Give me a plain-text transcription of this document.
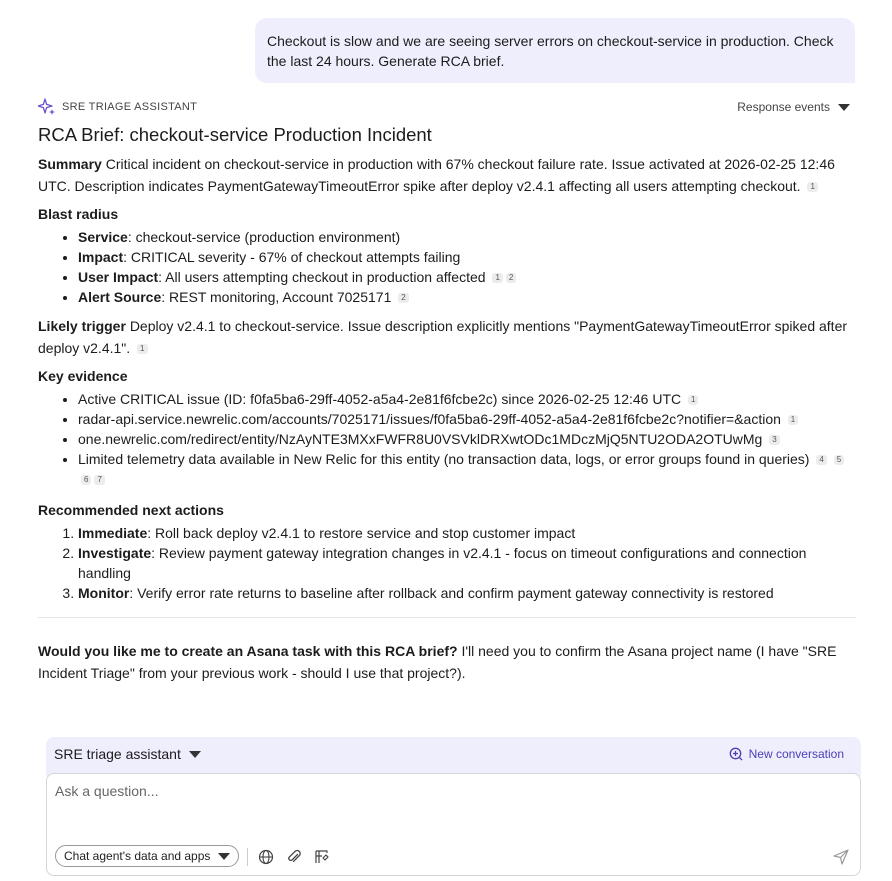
Checkout is slow and we are seeing server errors on checkout-service in production. Check the last 24 hours. Generate RCA brief.
SRE TRIAGE ASSISTANT	Response events
RCA Brief: checkout-service Production Incident

Summary Critical incident on checkout-service in production with 67% checkout failure rate. Issue activated at 2026-02-25 12:46 UTC. Description indicates PaymentGatewayTimeoutError spike after deploy v2.4.1 affecting all users attempting checkout. 1

Blast radius
• Service: checkout-service (production environment)
• Impact: CRITICAL severity - 67% of checkout attempts failing
• User Impact: All users attempting checkout in production affected 1 2
• Alert Source: REST monitoring, Account 7025171 2

Likely trigger Deploy v2.4.1 to checkout-service. Issue description explicitly mentions "PaymentGatewayTimeoutError spiked after deploy v2.4.1". 1

Key evidence
• Active CRITICAL issue (ID: f0fa5ba6-29ff-4052-a5a4-2e81f6fcbe2c) since 2026-02-25 12:46 UTC 1
• radar-api.service.newrelic.com/accounts/7025171/issues/f0fa5ba6-29ff-4052-a5a4-2e81f6fcbe2c?notifier=&action 1
• one.newrelic.com/redirect/entity/NzAyNTE3MXxFWFR8U0VSVklDRXwtODc1MDczMjQ5NTU2ODA2OTUwMg 3
• Limited telemetry data available in New Relic for this entity (no transaction data, logs, or error groups found in queries) 4 56 7
Recommended next actions
1. Immediate: Roll back deploy v2.4.1 to restore service and stop customer impact
2. Investigate: Review payment gateway integration changes in v2.4.1 - focus on timeout configurations and connection handling
3. Monitor: Verify error rate returns to baseline after rollback and confirm payment gateway connectivity is restored

Would you like me to create an Asana task with this RCA brief? I'll need you to confirm the Asana project name (I have "SRE Incident Triage" from your previous work - should I use that project?).

SRE triage assistant	New conversation
Ask a question...
Chat agent's data and apps
